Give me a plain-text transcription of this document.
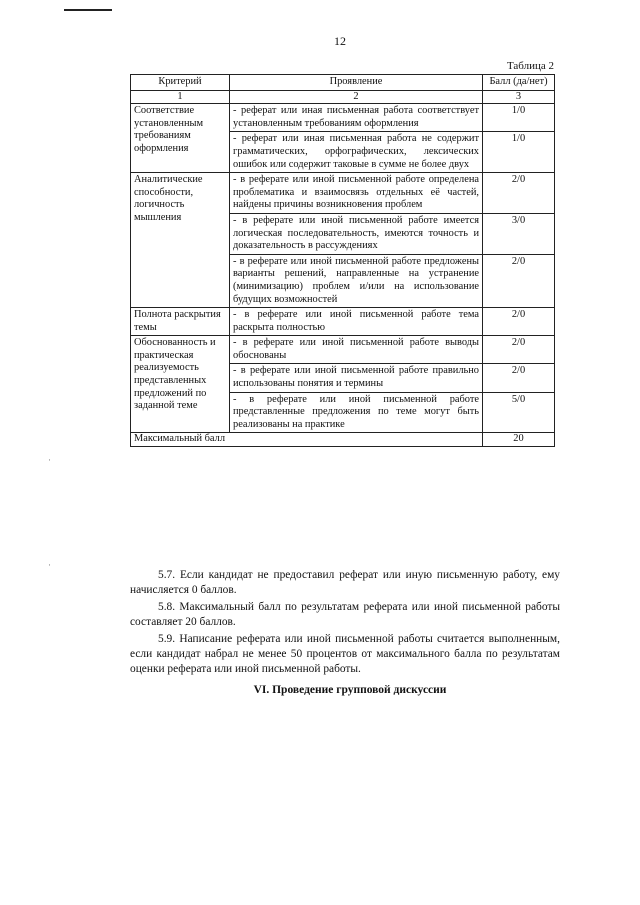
12
Таблица 2
·
·
Критерий	Проявление	Балл (да/нет)
1	2	3
Соответствие установленным требованиям оформления	- реферат или иная письменная работа соответствует установленным требованиям оформления	1/0
	- реферат или иная письменная работа не содержит грамматических, орфографических, лексических ошибок или содержит таковые в сумме не более двух	1/0
Аналитические способности, логичность мышления	- в реферате или иной письменной работе определена проблематика и взаимосвязь отдельных её частей, найдены причины возникновения проблем	2/0
	- в реферате или иной письменной работе имеется логическая последовательность, имеются точность и доказательность в рассуждениях	3/0
	- в реферате или иной письменной работе предложены варианты решений, направленные на устранение (минимизацию) проблем и/или на использование будущих возможностей	2/0
Полнота раскрытия темы	- в реферате или иной письменной работе тема раскрыта полностью	2/0
Обоснованность и практическая реализуемость представленных предложений по заданной теме	- в реферате или иной письменной работе выводы обоснованы	2/0
	- в реферате или иной письменной работе правильно использованы понятия и термины	2/0
	- в реферате или иной письменной работе представленные предложения по теме могут быть реализованы на практике	5/0
Максимальный балл		20

5.7. Если кандидат не предоставил реферат или иную письменную работу, ему начисляется 0 баллов.

5.8. Максимальный балл по результатам реферата или иной письменной работы составляет 20 баллов.

5.9. Написание реферата или иной письменной работы считается выполненным, если кандидат набрал не менее 50 процентов от максимального балла по результатам оценки реферата или иной письменной работы.

VI. Проведение групповой дискуссии
